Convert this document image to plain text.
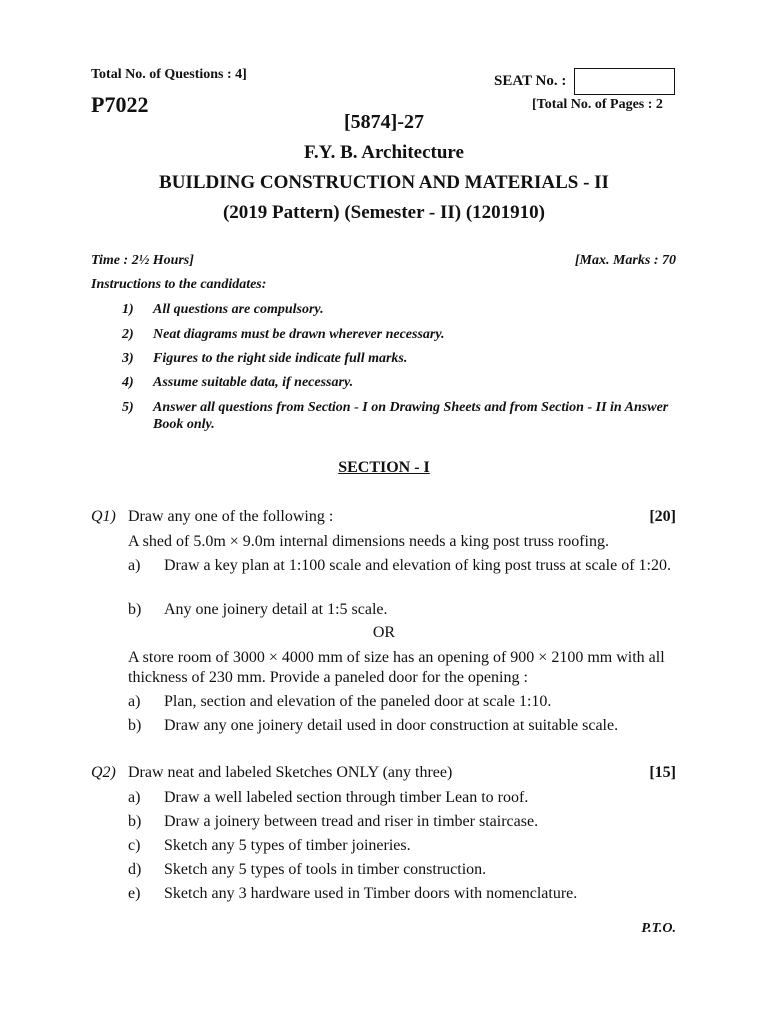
Total No. of Questions : 4]	SEAT No. :
P7022	[Total No. of Pages : 2
[5874]-27
F.Y. B. Architecture
BUILDING CONSTRUCTION AND MATERIALS - II
(2019 Pattern) (Semester - II) (1201910)
Time : 2½ Hours]	[Max. Marks : 70
Instructions to the candidates:
1) All questions are compulsory.
2) Neat diagrams must be drawn wherever necessary.
3) Figures to the right side indicate full marks.
4) Assume suitable data, if necessary.
5) Answer all questions from Section - I on Drawing Sheets and from Section - II in Answer Book only.
SECTION - I
Q1) Draw any one of the following :	[20]
A shed of 5.0m × 9.0m internal dimensions needs a king post truss roofing.
a) Draw a key plan at 1:100 scale and elevation of king post truss at scale of 1:20.
b) Any one joinery detail at 1:5 scale.
OR
A store room of 3000 × 4000 mm of size has an opening of 900 × 2100 mm with all thickness of 230 mm. Provide a paneled door for the opening :
a) Plan, section and elevation of the paneled door at scale 1:10.
b) Draw any one joinery detail used in door construction at suitable scale.
Q2) Draw neat and labeled Sketches ONLY (any three)	[15]
a) Draw a well labeled section through timber Lean to roof.
b) Draw a joinery between tread and riser in timber staircase.
c) Sketch any 5 types of timber joineries.
d) Sketch any 5 types of tools in timber construction.
e) Sketch any 3 hardware used in Timber doors with nomenclature.
P.T.O.
